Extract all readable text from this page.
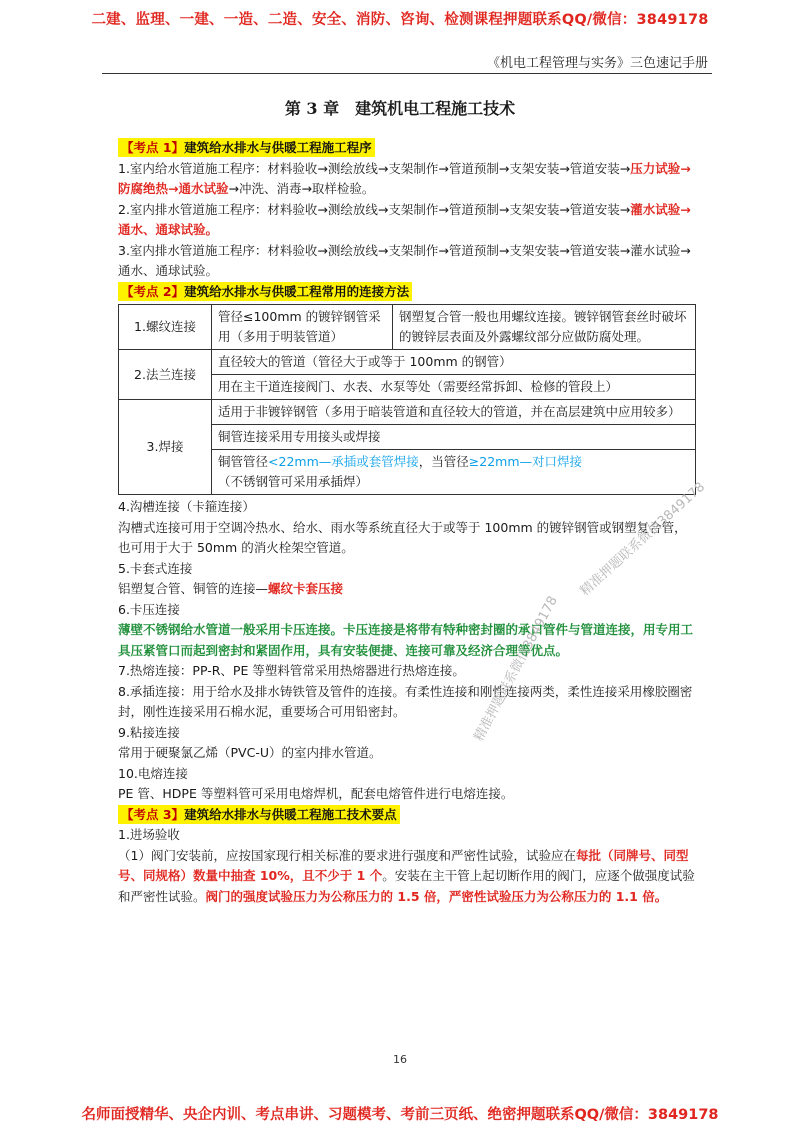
二建、监理、一建、一造、二造、安全、消防、咨询、检测课程押题联系QQ/微信：3849178
《机电工程管理与实务》三色速记手册
第 3 章　建筑机电工程施工技术
【考点 1】建筑给水排水与供暖工程施工程序

1.室内给水管道施工程序：材料验收→测绘放线→支架制作→管道预制→支架安装→管道安装→压力试验→防腐绝热→通水试验→冲洗、消毒→取样检验。

2.室内排水管道施工程序：材料验收→测绘放线→支架制作→管道预制→支架安装→管道安装→灌水试验→通水、通球试验。

3.室内排水管道施工程序：材料验收→测绘放线→支架制作→管道预制→支架安装→管道安装→灌水试验→通水、通球试验。

【考点 2】建筑给水排水与供暖工程常用的连接方法
1.螺纹连接	管径≤100mm 的镀锌钢管采用（多用于明装管道）	钢塑复合管一般也用螺纹连接。镀锌钢管套丝时破坏的镀锌层表面及外露螺纹部分应做防腐处理。
2.法兰连接	直径较大的管道（管径大于或等于 100mm 的钢管）	
	用在主干道连接阀门、水表、水泵等处（需要经常拆卸、检修的管段上）	
3.焊接	适用于非镀锌钢管（多用于暗装管道和直径较大的管道，并在高层建筑中应用较多）	
	铜管连接采用专用接头或焊接	
	铜管管径<22mm—承插或套管焊接，当管径≥22mm—对口焊接
（不锈钢管可采用承插焊）	

4.沟槽连接（卡箍连接）

沟槽式连接可用于空调冷热水、给水、雨水等系统直径大于或等于 100mm 的镀锌钢管或钢塑复合管，也可用于大于 50mm 的消火栓架空管道。

5.卡套式连接

铝塑复合管、铜管的连接—螺纹卡套压接

6.卡压连接

薄壁不锈钢给水管道一般采用卡压连接。卡压连接是将带有特种密封圈的承口管件与管道连接，用专用工具压紧管口而起到密封和紧固作用，具有安装便捷、连接可靠及经济合理等优点。

7.热熔连接：PP-R、PE 等塑料管常采用热熔器进行热熔连接。

8.承插连接：用于给水及排水铸铁管及管件的连接。有柔性连接和刚性连接两类，柔性连接采用橡胶圈密封，刚性连接采用石棉水泥，重要场合可用铅密封。

9.粘接连接

常用于硬聚氯乙烯（PVC-U）的室内排水管道。

10.电熔连接

PE 管、HDPE 等塑料管可采用电熔焊机，配套电熔管件进行电熔连接。

【考点 3】建筑给水排水与供暖工程施工技术要点

1.进场验收

（1）阀门安装前，应按国家现行相关标准的要求进行强度和严密性试验，试验应在每批（同牌号、同型号、同规格）数量中抽查 10%，且不少于 1 个。安装在主干管上起切断作用的阀门，应逐个做强度试验和严密性试验。阀门的强度试验压力为公称压力的 1.5 倍，严密性试验压力为公称压力的 1.1 倍。

精准押题联系微信3849178
精准押题联系微信3849178
16
名师面授精华、央企内训、考点串讲、习题模考、考前三页纸、绝密押题联系QQ/微信：3849178
